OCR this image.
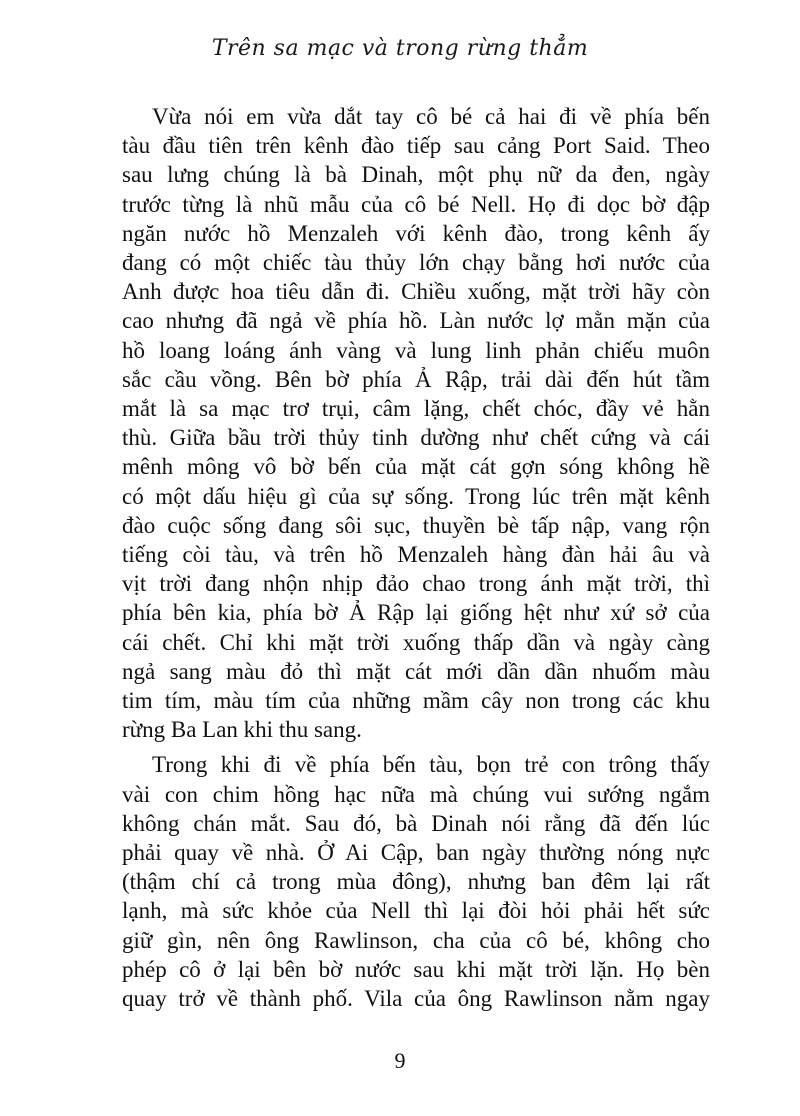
Trên sa mạc và trong rừng thẳm
Vừa nói em vừa dắt tay cô bé cả hai đi về phía bến
tàu đầu tiên trên kênh đào tiếp sau cảng Port Said. Theo
sau lưng chúng là bà Dinah, một phụ nữ da đen, ngày
trước từng là nhũ mẫu của cô bé Nell. Họ đi dọc bờ đập
ngăn nước hồ Menzaleh với kênh đào, trong kênh ấy
đang có một chiếc tàu thủy lớn chạy bằng hơi nước của
Anh được hoa tiêu dẫn đi. Chiều xuống, mặt trời hãy còn
cao nhưng đã ngả về phía hồ. Làn nước lợ mằn mặn của
hồ loang loáng ánh vàng và lung linh phản chiếu muôn
sắc cầu vồng. Bên bờ phía Ả Rập, trải dài đến hút tầm
mắt là sa mạc trơ trụi, câm lặng, chết chóc, đầy vẻ hằn
thù. Giữa bầu trời thủy tinh dường như chết cứng và cái
mênh mông vô bờ bến của mặt cát gợn sóng không hề
có một dấu hiệu gì của sự sống. Trong lúc trên mặt kênh
đào cuộc sống đang sôi sục, thuyền bè tấp nập, vang rộn
tiếng còi tàu, và trên hồ Menzaleh hàng đàn hải âu và
vịt trời đang nhộn nhịp đảo chao trong ánh mặt trời, thì
phía bên kia, phía bờ Ả Rập lại giống hệt như xứ sở của
cái chết. Chỉ khi mặt trời xuống thấp dần và ngày càng
ngả sang màu đỏ thì mặt cát mới dần dần nhuốm màu
tim tím, màu tím của những mầm cây non trong các khu
rừng Ba Lan khi thu sang.
Trong khi đi về phía bến tàu, bọn trẻ con trông thấy
vài con chim hồng hạc nữa mà chúng vui sướng ngắm
không chán mắt. Sau đó, bà Dinah nói rằng đã đến lúc
phải quay về nhà. Ở Ai Cập, ban ngày thường nóng nực
(thậm chí cả trong mùa đông), nhưng ban đêm lại rất
lạnh, mà sức khỏe của Nell thì lại đòi hỏi phải hết sức
giữ gìn, nên ông Rawlinson, cha của cô bé, không cho
phép cô ở lại bên bờ nước sau khi mặt trời lặn. Họ bèn
quay trở về thành phố. Vila của ông Rawlinson nằm ngay
9
